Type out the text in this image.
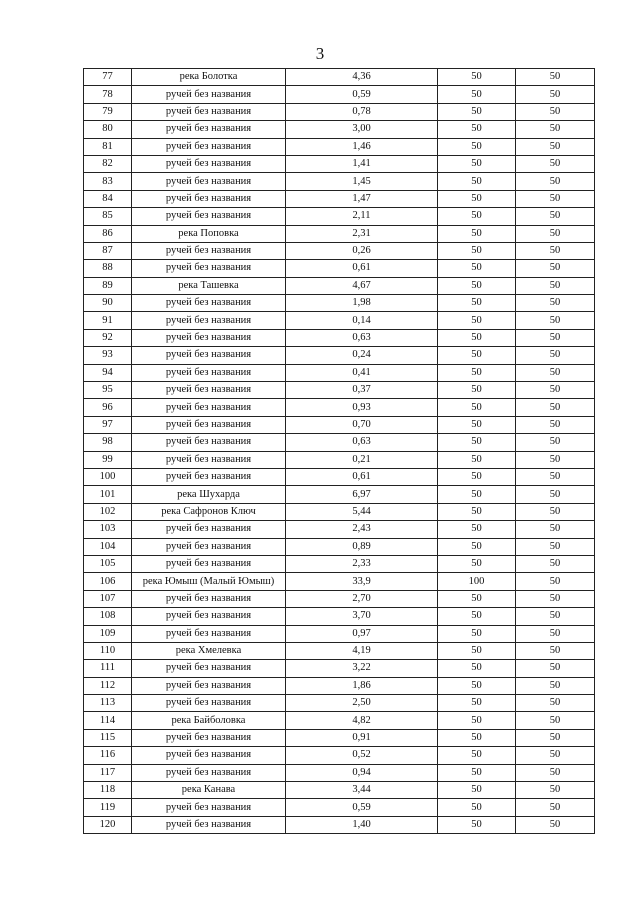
3
77	река Болотка	4,36	50	50
78	ручей без названия	0,59	50	50
79	ручей без названия	0,78	50	50
80	ручей без названия	3,00	50	50
81	ручей без названия	1,46	50	50
82	ручей без названия	1,41	50	50
83	ручей без названия	1,45	50	50
84	ручей без названия	1,47	50	50
85	ручей без названия	2,11	50	50
86	река Поповка	2,31	50	50
87	ручей без названия	0,26	50	50
88	ручей без названия	0,61	50	50
89	река Ташевка	4,67	50	50
90	ручей без названия	1,98	50	50
91	ручей без названия	0,14	50	50
92	ручей без названия	0,63	50	50
93	ручей без названия	0,24	50	50
94	ручей без названия	0,41	50	50
95	ручей без названия	0,37	50	50
96	ручей без названия	0,93	50	50
97	ручей без названия	0,70	50	50
98	ручей без названия	0,63	50	50
99	ручей без названия	0,21	50	50
100	ручей без названия	0,61	50	50
101	река Шухарда	6,97	50	50
102	река Сафронов Ключ	5,44	50	50
103	ручей без названия	2,43	50	50
104	ручей без названия	0,89	50	50
105	ручей без названия	2,33	50	50
106	река Юмыш (Малый Юмыш)	33,9	100	50
107	ручей без названия	2,70	50	50
108	ручей без названия	3,70	50	50
109	ручей без названия	0,97	50	50
110	река Хмелевка	4,19	50	50
111	ручей без названия	3,22	50	50
112	ручей без названия	1,86	50	50
113	ручей без названия	2,50	50	50
114	река Байболовка	4,82	50	50
115	ручей без названия	0,91	50	50
116	ручей без названия	0,52	50	50
117	ручей без названия	0,94	50	50
118	река Канава	3,44	50	50
119	ручей без названия	0,59	50	50
120	ручей без названия	1,40	50	50
